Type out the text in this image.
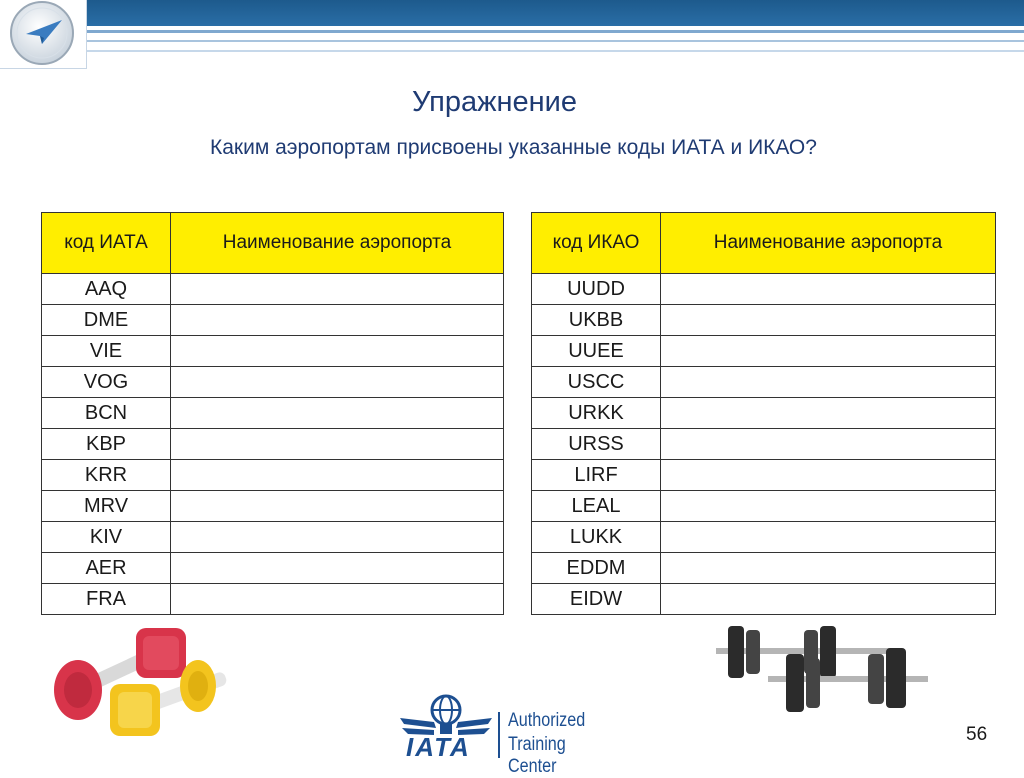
Упражнение
Каким аэропортам присвоены указанные коды ИАТА и ИКАО?
код ИАТА	Наименование аэропорта
AAQ	
DME	
VIE	
VOG	
BCN	
KBP	
KRR	
MRV	
KIV	
AER	
FRA	
код ИКАО	Наименование аэропорта
UUDD	
UKBB	
UUEE	
USCC	
URKK	
URSS	
LIRF	
LEAL	
LUKK	
EDDM	
EIDW	
IATA
Authorized
Training Center
56
